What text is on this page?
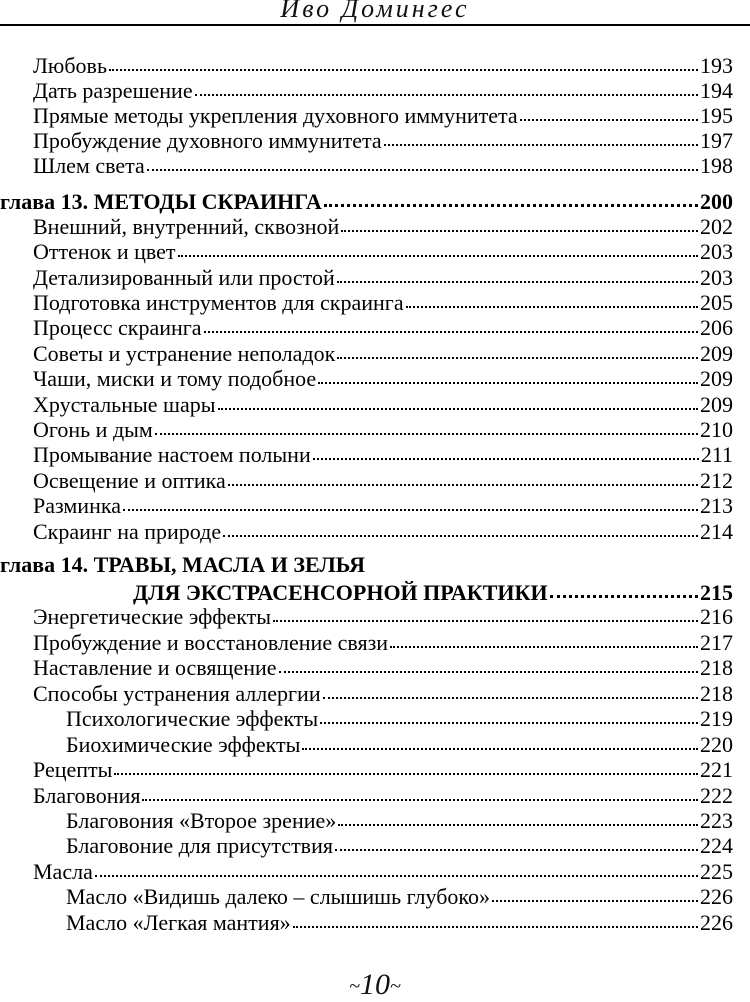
Иво Домингес
Любовь	193
Дать разрешение	194
Прямые методы укрепления духовного иммунитета	195
Пробуждение духовного иммунитета	197
Шлем света	198
глава 13. МЕТОДЫ СКРАИНГА	200
Внешний, внутренний, сквозной	202
Оттенок и цвет	203
Детализированный или простой	203
Подготовка инструментов для скраинга	205
Процесс скраинга	206
Советы и устранение неполадок	209
Чаши, миски и тому подобное	209
Хрустальные шары	209
Огонь и дым	210
Промывание настоем полыни	211
Освещение и оптика	212
Разминка	213
Скраинг на природе	214
глава 14. ТРАВЫ, МАСЛА И ЗЕЛЬЯ
ДЛЯ ЭКСТРАСЕНСОРНОЙ ПРАКТИКИ	215
Энергетические эффекты	216
Пробуждение и восстановление связи	217
Наставление и освящение	218
Способы устранения аллергии	218
Психологические эффекты	219
Биохимические эффекты	220
Рецепты	221
Благовония	222
Благовония «Второе зрение»	223
Благовоние для присутствия	224
Масла	225
Масло «Видишь далеко – слышишь глубоко»	226
Масло «Легкая мантия»	226
~10~
